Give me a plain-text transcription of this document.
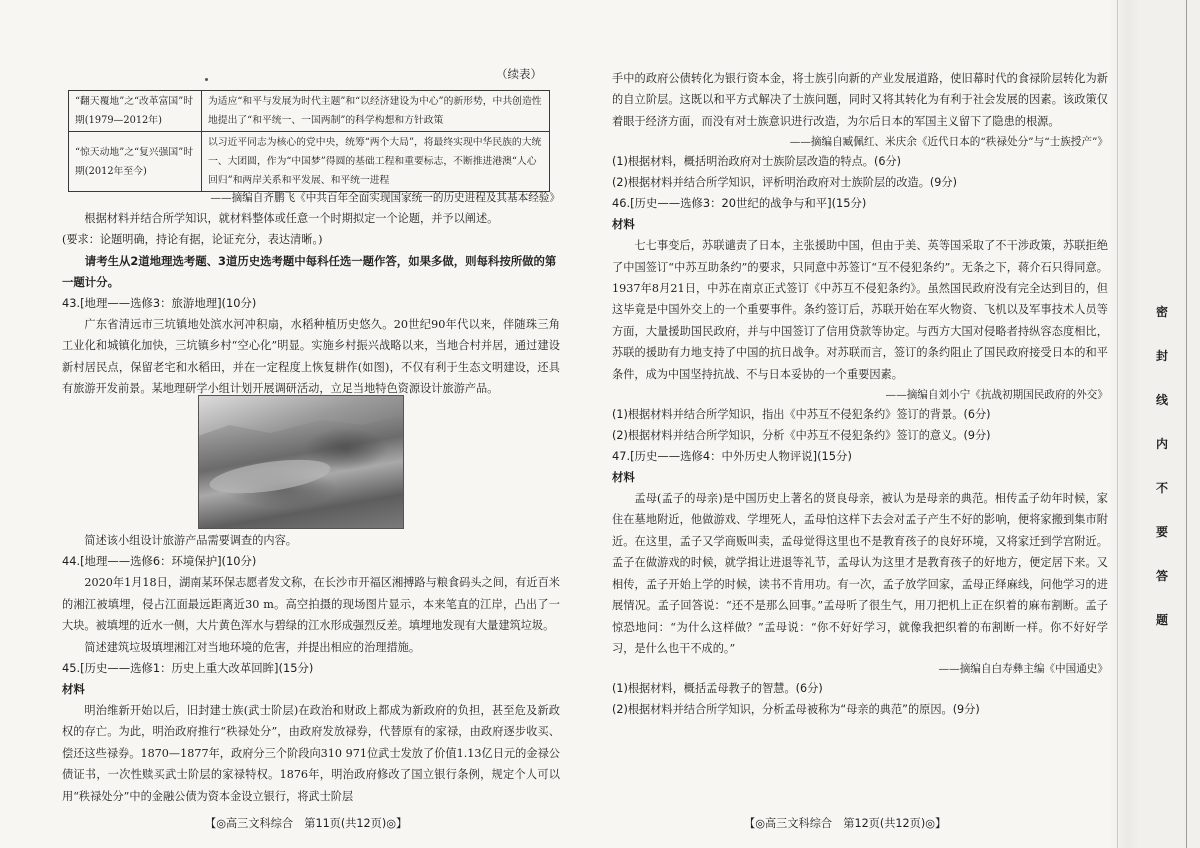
（续表）
“翻天覆地”之“改革富国”时期(1979—2012年)	为适应“和平与发展为时代主题”和“以经济建设为中心”的新形势，中共创造性地提出了“和平统一、一国两制”的科学构想和方针政策
“惊天动地”之“复兴强国”时期(2012年至今)	以习近平同志为核心的党中央，统筹“两个大局”，将最终实现中华民族的大统一、大团圆，作为“中国梦”得圆的基础工程和重要标志，不断推进港澳“人心回归”和两岸关系和平发展、和平统一进程
——摘编自齐鹏飞《中共百年全面实现国家统一的历史进程及其基本经验》
根据材料并结合所学知识，就材料整体或任意一个时期拟定一个论题，并予以阐述。
(要求：论题明确，持论有据，论证充分，表达清晰。)
请考生从2道地理选考题、3道历史选考题中每科任选一题作答，如果多做，则每科按所做的第一题计分。
43.[地理——选修3：旅游地理](10分)
广东省清远市三坑镇地处滨水河冲积扇，水稻种植历史悠久。20世纪90年代以来，伴随珠三角工业化和城镇化加快，三坑镇乡村“空心化”明显。实施乡村振兴战略以来，当地合村并居，通过建设新村居民点，保留老宅和水稻田，并在一定程度上恢复耕作(如图)，不仅有利于生态文明建设，还具有旅游开发前景。某地理研学小组计划开展调研活动，立足当地特色资源设计旅游产品。
简述该小组设计旅游产品需要调查的内容。
44.[地理——选修6：环境保护](10分)
2020年1月18日，湖南某环保志愿者发文称，在长沙市开福区湘搏路与粮食码头之间，有近百米的湘江被填埋，侵占江面最远距离近30 m。高空拍摄的现场图片显示，本来笔直的江岸，凸出了一大块。被填埋的近水一侧，大片黄色浑水与碧绿的江水形成强烈反差。填埋地发现有大量建筑垃圾。
简述建筑垃圾填埋湘江对当地环境的危害，并提出相应的治理措施。
45.[历史——选修1：历史上重大改革回眸](15分)
材料
明治维新开始以后，旧封建士族(武士阶层)在政治和财政上都成为新政府的负担，甚至危及新政权的存亡。为此，明治政府推行“秩禄处分”，由政府发放禄券，代替原有的家禄，由政府逐步收买、偿还这些禄券。1870—1877年，政府分三个阶段向310 971位武士发放了价值1.13亿日元的金禄公债证书，一次性赎买武士阶层的家禄特权。1876年，明治政府修改了国立银行条例，规定个人可以用“秩禄处分”中的金融公债为资本金设立银行，将武士阶层
【◎高三文科综合　第11页(共12页)◎】
手中的政府公债转化为银行资本金，将士族引向新的产业发展道路，使旧幕时代的食禄阶层转化为新的自立阶层。这既以和平方式解决了士族问题，同时又将其转化为有利于社会发展的因素。该政策仅着眼于经济方面，而没有对士族意识进行改造，为尔后日本的军国主义留下了隐患的根源。
——摘编自臧佩红、米庆余《近代日本的“秩禄处分”与“士族授产”》
(1)根据材料，概括明治政府对士族阶层改造的特点。(6分)
(2)根据材料并结合所学知识，评析明治政府对士族阶层的改造。(9分)
46.[历史——选修3：20世纪的战争与和平](15分)
材料
七七事变后，苏联谴责了日本，主张援助中国，但由于美、英等国采取了不干涉政策，苏联拒绝了中国签订“中苏互助条约”的要求，只同意中苏签订“互不侵犯条约”。无条之下，蒋介石只得同意。1937年8月21日，中苏在南京正式签订《中苏互不侵犯条约》。虽然国民政府没有完全达到目的，但这毕竟是中国外交上的一个重要事件。条约签订后，苏联开始在军火物资、飞机以及军事技术人员等方面，大量援助国民政府，并与中国签订了信用贷款等协定。与西方大国对侵略者持纵容态度相比，苏联的援助有力地支持了中国的抗日战争。对苏联而言，签订的条约阻止了国民政府接受日本的和平条件，成为中国坚持抗战、不与日本妥协的一个重要因素。
——摘编自刘小宁《抗战初期国民政府的外交》
(1)根据材料并结合所学知识，指出《中苏互不侵犯条约》签订的背景。(6分)
(2)根据材料并结合所学知识，分析《中苏互不侵犯条约》签订的意义。(9分)
47.[历史——选修4：中外历史人物评说](15分)
材料
孟母(孟子的母亲)是中国历史上著名的贤良母亲，被认为是母亲的典范。相传孟子幼年时候，家住在墓地附近，他做游戏、学埋死人，孟母怕这样下去会对孟子产生不好的影响，便将家搬到集市附近。在这里，孟子又学商贩叫卖，孟母觉得这里也不是教育孩子的良好环境，又将家迁到学宫附近。孟子在做游戏的时候，就学揖让进退等礼节，孟母认为这里才是教育孩子的好地方，便定居下来。又相传，孟子开始上学的时候，读书不肯用功。有一次，孟子放学回家，孟母正绎麻线，问他学习的进展情况。孟子回答说：“还不是那么回事。”孟母听了很生气，用刀把机上正在织着的麻布割断。孟子惊恐地问：“为什么这样做？”孟母说：“你不好好学习，就像我把织着的布割断一样。你不好好学习，是什么也干不成的。”
——摘编自白寿彝主编《中国通史》
(1)根据材料，概括孟母教子的智慧。(6分)
(2)根据材料并结合所学知识，分析孟母被称为“母亲的典范”的原因。(9分)
【◎高三文科综合　第12页(共12页)◎】
密
封
线
内
不
要
答
题
